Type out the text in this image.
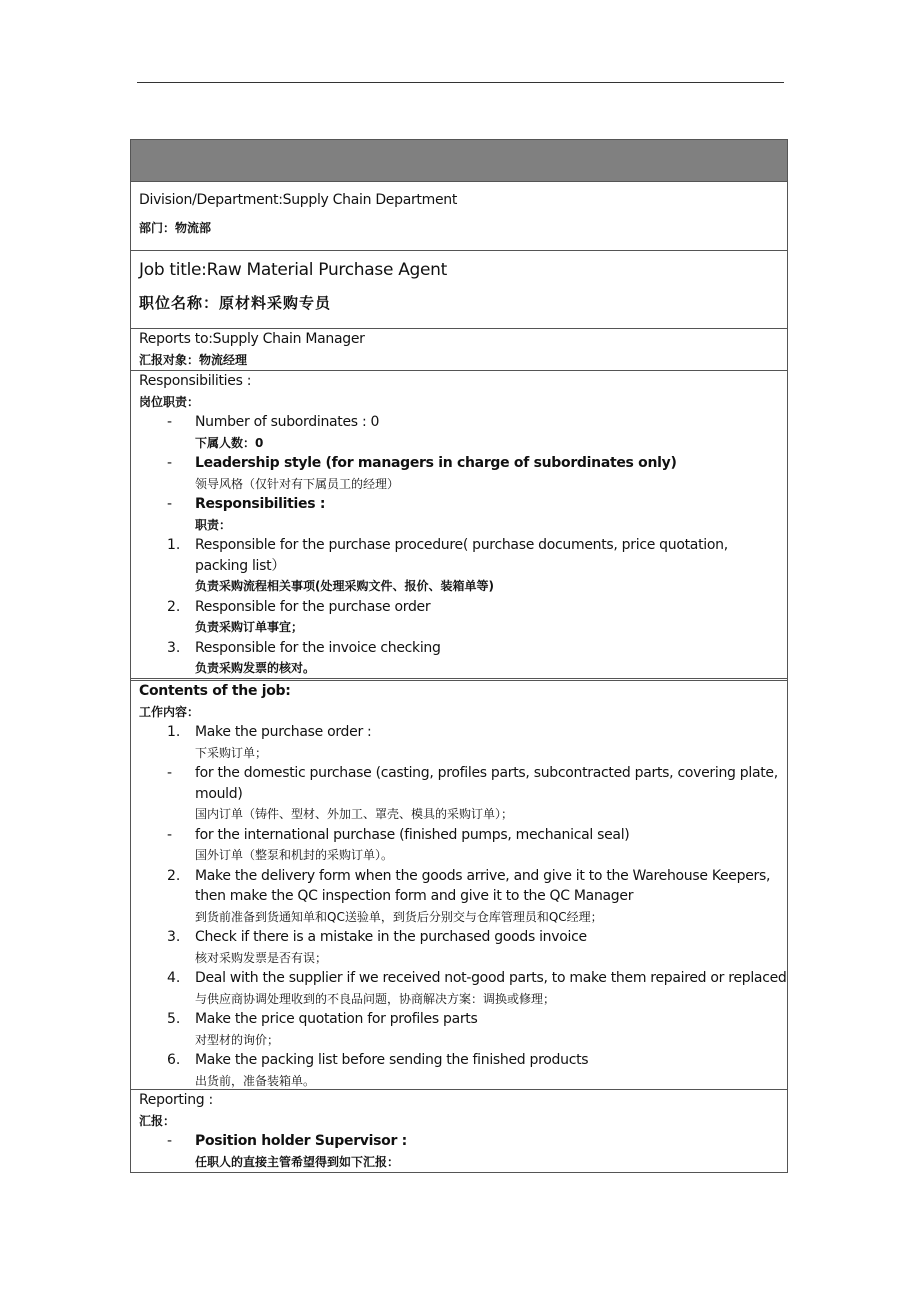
Division/Department:Supply Chain Department
部门：物流部
Job title:Raw Material Purchase Agent
职位名称：原材料采购专员
Reports to:Supply Chain Manager
汇报对象：物流经理
Responsibilities :
岗位职责：
- Number of subordinates : 0
下属人数：0
- Leadership style (for managers in charge of subordinates only)
领导风格（仅针对有下属员工的经理）
- Responsibilities :
职责：
1. Responsible for the purchase procedure( purchase documents, price quotation, packing list）
负责采购流程相关事项(处理采购文件、报价、装箱单等)
2. Responsible for the purchase order
负责采购订单事宜；
3. Responsible for the invoice checking
负责采购发票的核对。
Contents of the job:
工作内容：
1. Make the purchase order :
下采购订单；
- for the domestic purchase (casting, profiles parts, subcontracted parts, covering plate, mould)
国内订单（铸件、型材、外加工、罩壳、模具的采购订单）；
- for the international purchase (finished pumps, mechanical seal)
国外订单（整泵和机封的采购订单）。
2. Make the delivery form when the goods arrive, and give it to the Warehouse Keepers, then make the QC inspection form and give it to the QC Manager
到货前准备到货通知单和QC送验单，到货后分别交与仓库管理员和QC经理；
3. Check if there is a mistake in the purchased goods invoice
核对采购发票是否有误；
4. Deal with the supplier if we received not-good parts, to make them repaired or replaced
与供应商协调处理收到的不良品问题，协商解决方案：调换或修理；
5. Make the price quotation for profiles parts
对型材的询价；
6. Make the packing list before sending the finished products
出货前，准备装箱单。
Reporting :
汇报：
- Position holder Supervisor :
任职人的直接主管希望得到如下汇报：
